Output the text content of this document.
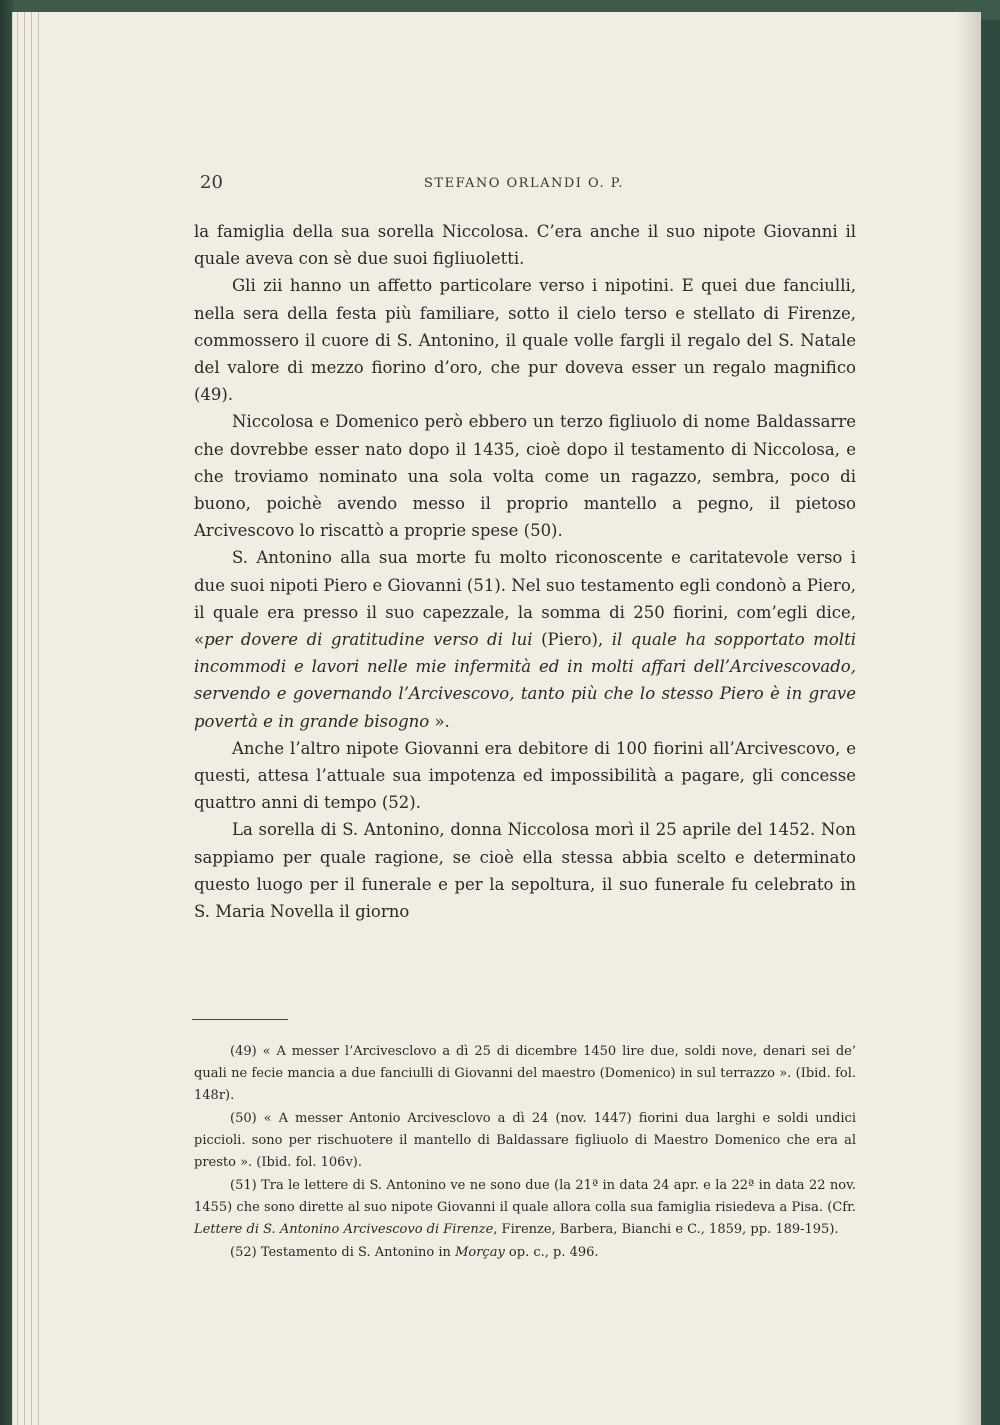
20	STEFANO ORLANDI O. P.

la famiglia della sua sorella Niccolosa. C’era anche il suo nipote Giovanni il quale aveva con sè due suoi figliuoletti.

Gli zii hanno un affetto particolare verso i nipotini. E quei due fanciulli, nella sera della festa più familiare, sotto il cielo terso e stellato di Firenze, commossero il cuore di S. Antonino, il quale volle fargli il regalo del S. Natale del valore di mezzo fiorino d’oro, che pur doveva esser un regalo magnifico (49).

Niccolosa e Domenico però ebbero un terzo figliuolo di nome Baldassarre che dovrebbe esser nato dopo il 1435, cioè dopo il testamento di Niccolosa, e che troviamo nominato una sola volta come un ragazzo, sembra, poco di buono, poichè avendo messo il proprio mantello a pegno, il pietoso Arcivescovo lo riscattò a proprie spese (50).

S. Antonino alla sua morte fu molto riconoscente e caritatevole verso i due suoi nipoti Piero e Giovanni (51). Nel suo testamento egli condonò a Piero, il quale era presso il suo capezzale, la somma di 250 fiorini, com’egli dice, «per dovere di gratitudine verso di lui (Piero), il quale ha sopportato molti incommodi e lavori nelle mie infermità ed in molti affari dell’Arcivescovado, servendo e governando l’Arcivescovo, tanto più che lo stesso Piero è in grave povertà e in grande bisogno ».

Anche l’altro nipote Giovanni era debitore di 100 fiorini all’Arcivescovo, e questi, attesa l’attuale sua impotenza ed impossibilità a pagare, gli concesse quattro anni di tempo (52).

La sorella di S. Antonino, donna Niccolosa morì il 25 aprile del 1452. Non sappiamo per quale ragione, se cioè ella stessa abbia scelto e determinato questo luogo per il funerale e per la sepoltura, il suo funerale fu celebrato in S. Maria Novella il giorno

(49) « A messer l’Arcivesclovo a dì 25 di dicembre 1450 lire due, soldi nove, denari sei de’ quali ne fecie mancia a due fanciulli di Giovanni del maestro (Domenico) in sul terrazzo ». (Ibid. fol. 148r).

(50) « A messer Antonio Arcivesclovo a dì 24 (nov. 1447) fiorini dua larghi e soldi undici piccioli. sono per rischuotere il mantello di Baldassare figliuolo di Maestro Domenico che era al presto ». (Ibid. fol. 106v).

(51) Tra le lettere di S. Antonino ve ne sono due (la 21ª in data 24 apr. e la 22ª in data 22 nov. 1455) che sono dirette al suo nipote Giovanni il quale allora colla sua famiglia risiedeva a Pisa. (Cfr. Lettere di S. Antonino Arcivescovo di Firenze, Firenze, Barbera, Bianchi e C., 1859, pp. 189-195).

(52) Testamento di S. Antonino in Morçay op. c., p. 496.
